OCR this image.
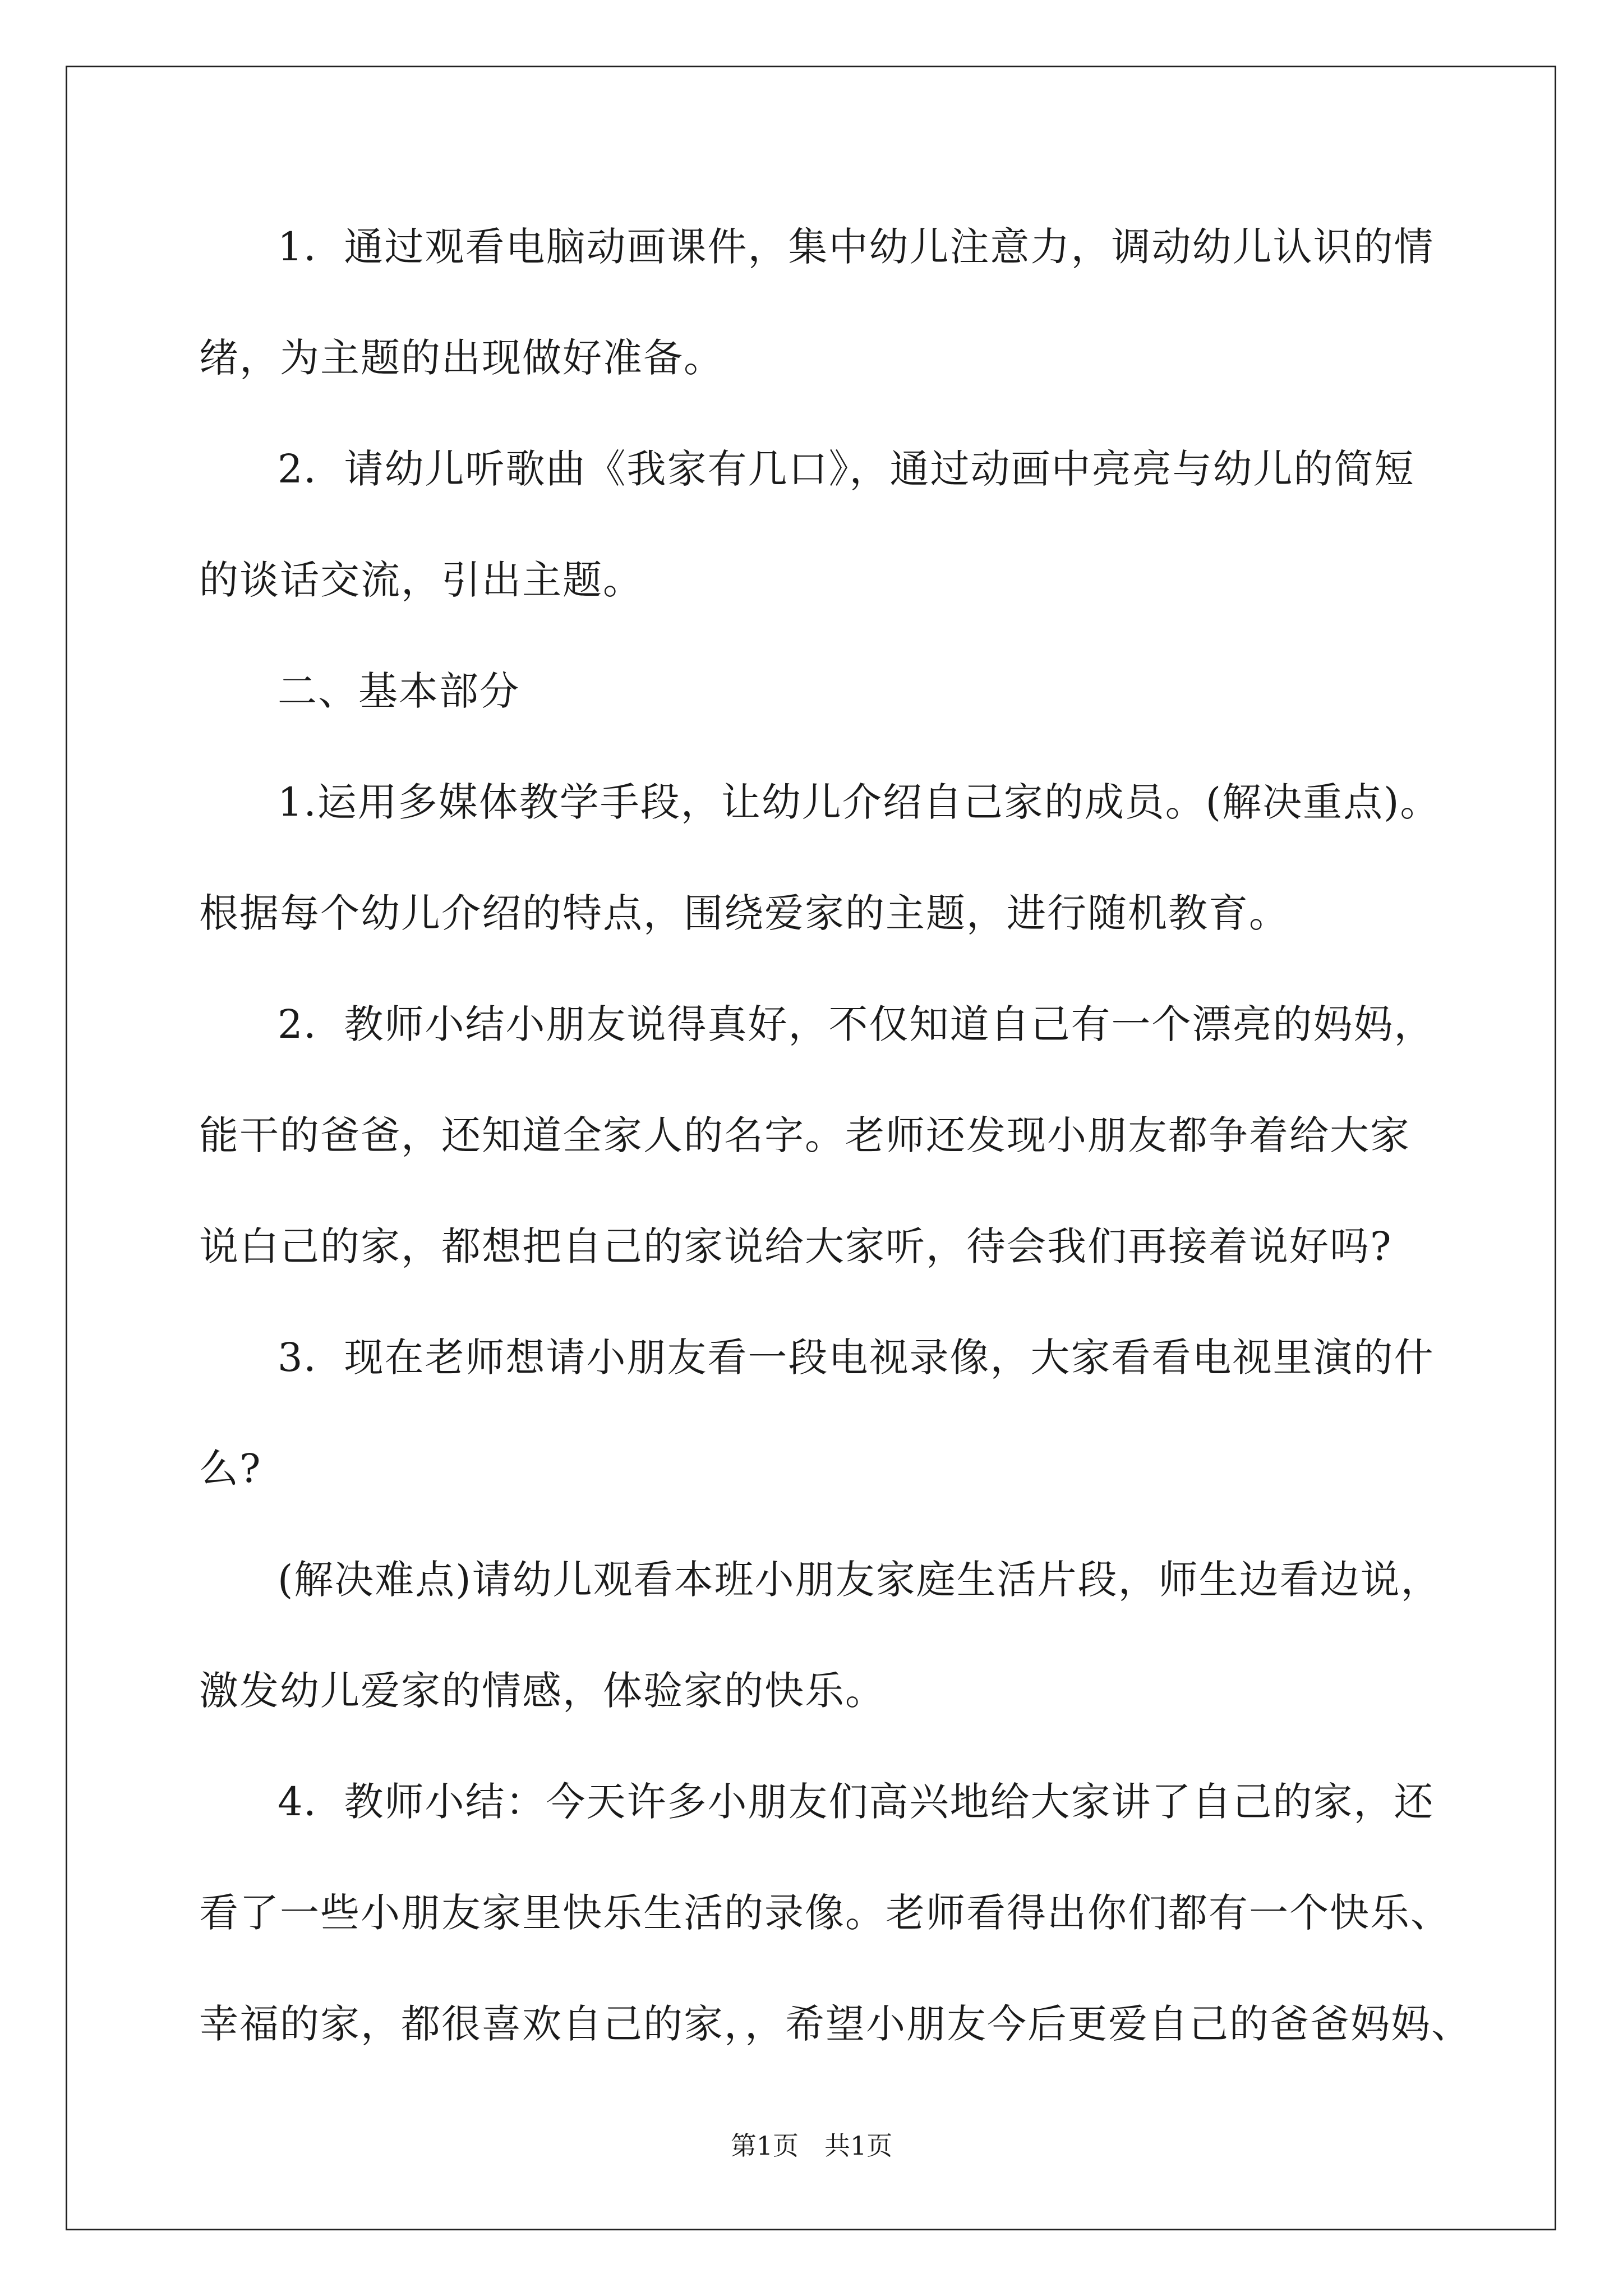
1．通过观看电脑动画课件，集中幼儿注意力，调动幼儿认识的情
绪，为主题的出现做好准备。
2．请幼儿听歌曲《我家有几口》，通过动画中亮亮与幼儿的简短
的谈话交流，引出主题。
二、基本部分
1.运用多媒体教学手段，让幼儿介绍自己家的成员。(解决重点)。
根据每个幼儿介绍的特点，围绕爱家的主题，进行随机教育。
2．教师小结小朋友说得真好，不仅知道自己有一个漂亮的妈妈，
能干的爸爸，还知道全家人的名字。老师还发现小朋友都争着给大家
说白己的家，都想把自己的家说给大家听，待会我们再接着说好吗?
3．现在老师想请小朋友看一段电视录像，大家看看电视里演的什
么?
(解决难点)请幼儿观看本班小朋友家庭生活片段，师生边看边说，
激发幼儿爱家的情感，体验家的快乐。
4．教师小结：今天许多小朋友们高兴地给大家讲了自己的家，还
看了一些小朋友家里快乐生活的录像。老师看得出你们都有一个快乐、
幸福的家，都很喜欢自己的家，，希望小朋友今后更爱自己的爸爸妈妈、
第1页　共1页
